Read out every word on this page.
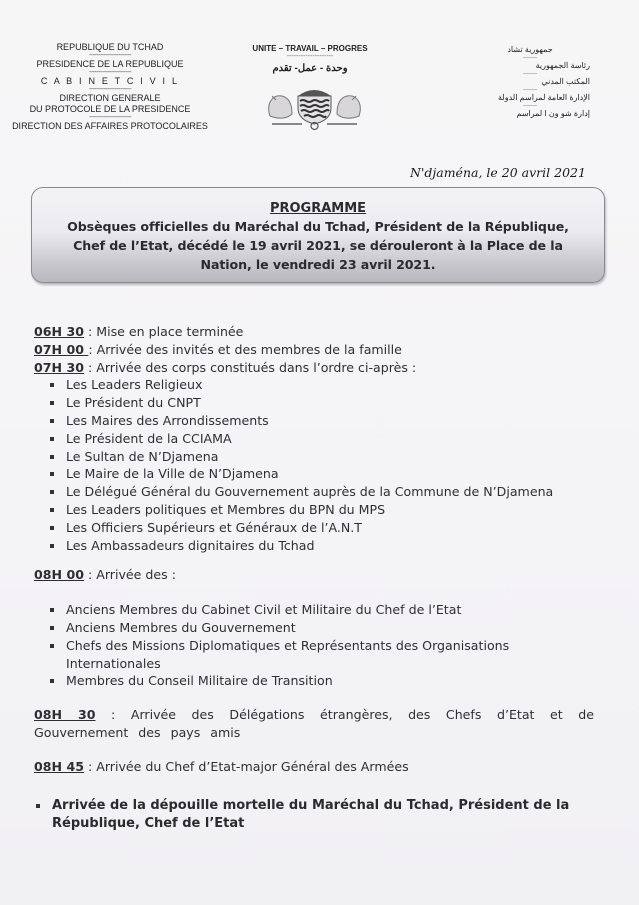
REPUBLIQUE DU TCHAD
-----------------------
PRESIDENCE DE LA REPUBLIQUE
-----------------------
C A B I N E T C I V I L
-----------------------
DIRECTION GENERALE
DU PROTOCOLE DE LA PRESIDENCE
-----------------------
DIRECTION DES AFFAIRES PROTOCOLAIRES
UNITE – TRAVAIL – PROGRES
--------------------
وحدة - عمل- تقدم
جمهورية تشاد
-------
رئاسة الجمهورية
-------
المكتب المدني
-------
الإدارة العامة لمراسم الدولة
-------
إدارة شو ون ا لمراسم
N'djaména, le 20 avril 2021
PROGRAMME
Obsèques officielles du Maréchal du Tchad, Président de la République,
Chef de l’Etat, décédé le 19 avril 2021, se dérouleront à la Place de la
Nation, le vendredi 23 avril 2021.
06H 30 : Mise en place terminée
07H 00 : Arrivée des invités et des membres de la famille
07H 30 : Arrivée des corps constitués dans l’ordre ci-après :
Les Leaders Religieux
Le Président du CNPT
Les Maires des Arrondissements
Le Président de la CCIAMA
Le Sultan de N’Djamena
Le Maire de la Ville de N’Djamena
Le Délégué Général du Gouvernement auprès de la Commune de N’Djamena
Les Leaders politiques et Membres du BPN du MPS
Les Officiers Supérieurs et Généraux de l’A.N.T
Les Ambassadeurs dignitaires du Tchad
08H 00 : Arrivée des :
Anciens Membres du Cabinet Civil et Militaire du Chef de l’Etat
Anciens Membres du Gouvernement
Chefs des Missions Diplomatiques et Représentants des Organisations Internationales
Membres du Conseil Militaire de Transition
08H 30 : Arrivée des Délégations étrangères, des Chefs d’Etat et de Gouvernement des pays amis
08H 45 : Arrivée du Chef d’Etat-major Général des Armées
Arrivée de la dépouille mortelle du Maréchal du Tchad, Président de la République, Chef de l’Etat
